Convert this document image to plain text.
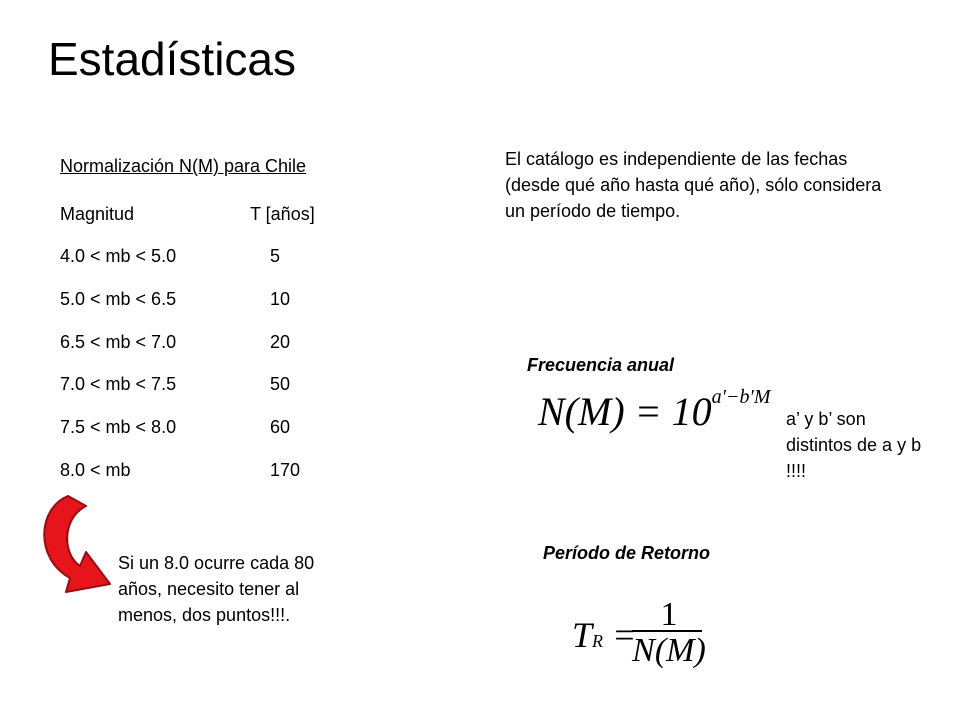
Estadísticas
Normalización N(M) para Chile
Magnitud	T [años]
4.0 < mb < 5.0	5
5.0 < mb < 6.5	10
6.5 < mb < 7.0	20
7.0 < mb < 7.5	50
7.5 < mb < 8.0	60
8.0 < mb	170
El catálogo es independiente de las fechas (desde qué año hasta qué año), sólo considera un período de tiempo.
Frecuencia anual
N(M) = 10a′−b′M
a’ y b’ son distintos de a y b !!!!
Período de Retorno
TR =
1
N(M)
Si un 8.0 ocurre cada 80 años, necesito tener al menos, dos puntos!!!.
